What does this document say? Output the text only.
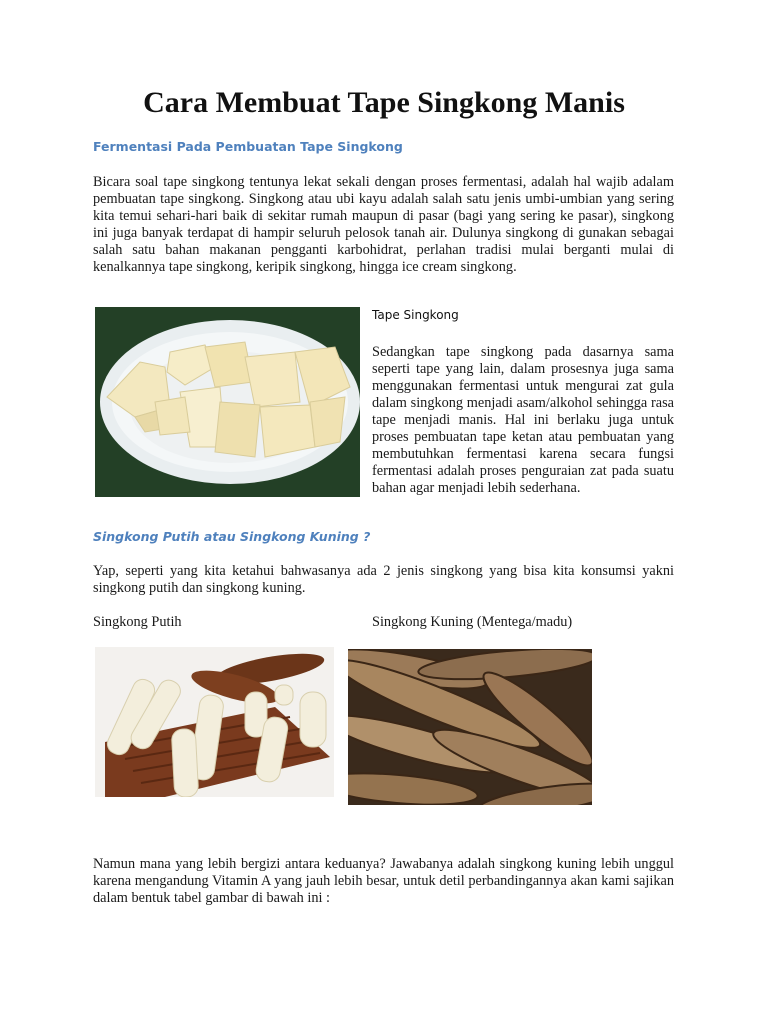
Cara Membuat Tape Singkong Manis
Fermentasi Pada Pembuatan Tape Singkong

Bicara soal tape singkong tentunya lekat sekali dengan proses fermentasi, adalah hal wajib adalam pembuatan tape singkong. Singkong atau ubi kayu adalah salah satu jenis umbi-umbian yang sering kita temui sehari-hari baik di sekitar rumah maupun di pasar (bagi yang sering ke pasar), singkong ini juga banyak terdapat di hampir seluruh pelosok tanah air. Dulunya singkong di gunakan sebagai salah satu bahan makanan pengganti karbohidrat, perlahan tradisi mulai berganti mulai di kenalkannya tape singkong, keripik singkong, hingga ice cream singkong.

Tape Singkong

Sedangkan tape singkong pada dasarnya sama seperti tape yang lain, dalam prosesnya juga sama menggunakan fermentasi untuk mengurai zat gula dalam singkong menjadi asam/alkohol sehingga rasa tape menjadi manis. Hal ini berlaku juga untuk proses pembuatan tape ketan atau pembuatan yang membutuhkan fermentasi karena secara fungsi fermentasi adalah proses penguraian zat pada suatu bahan agar menjadi lebih sederhana.

Singkong Putih atau Singkong Kuning ?

Yap, seperti yang kita ketahui bahwasanya ada 2 jenis singkong yang bisa kita konsumsi yakni singkong putih dan singkong kuning.

Singkong Putih	Singkong Kuning (Mentega/madu)

Namun mana yang lebih bergizi antara keduanya? Jawabanya adalah singkong kuning lebih unggul karena mengandung Vitamin A yang jauh lebih besar, untuk detil perbandingannya akan kami sajikan dalam bentuk tabel gambar di bawah ini :
